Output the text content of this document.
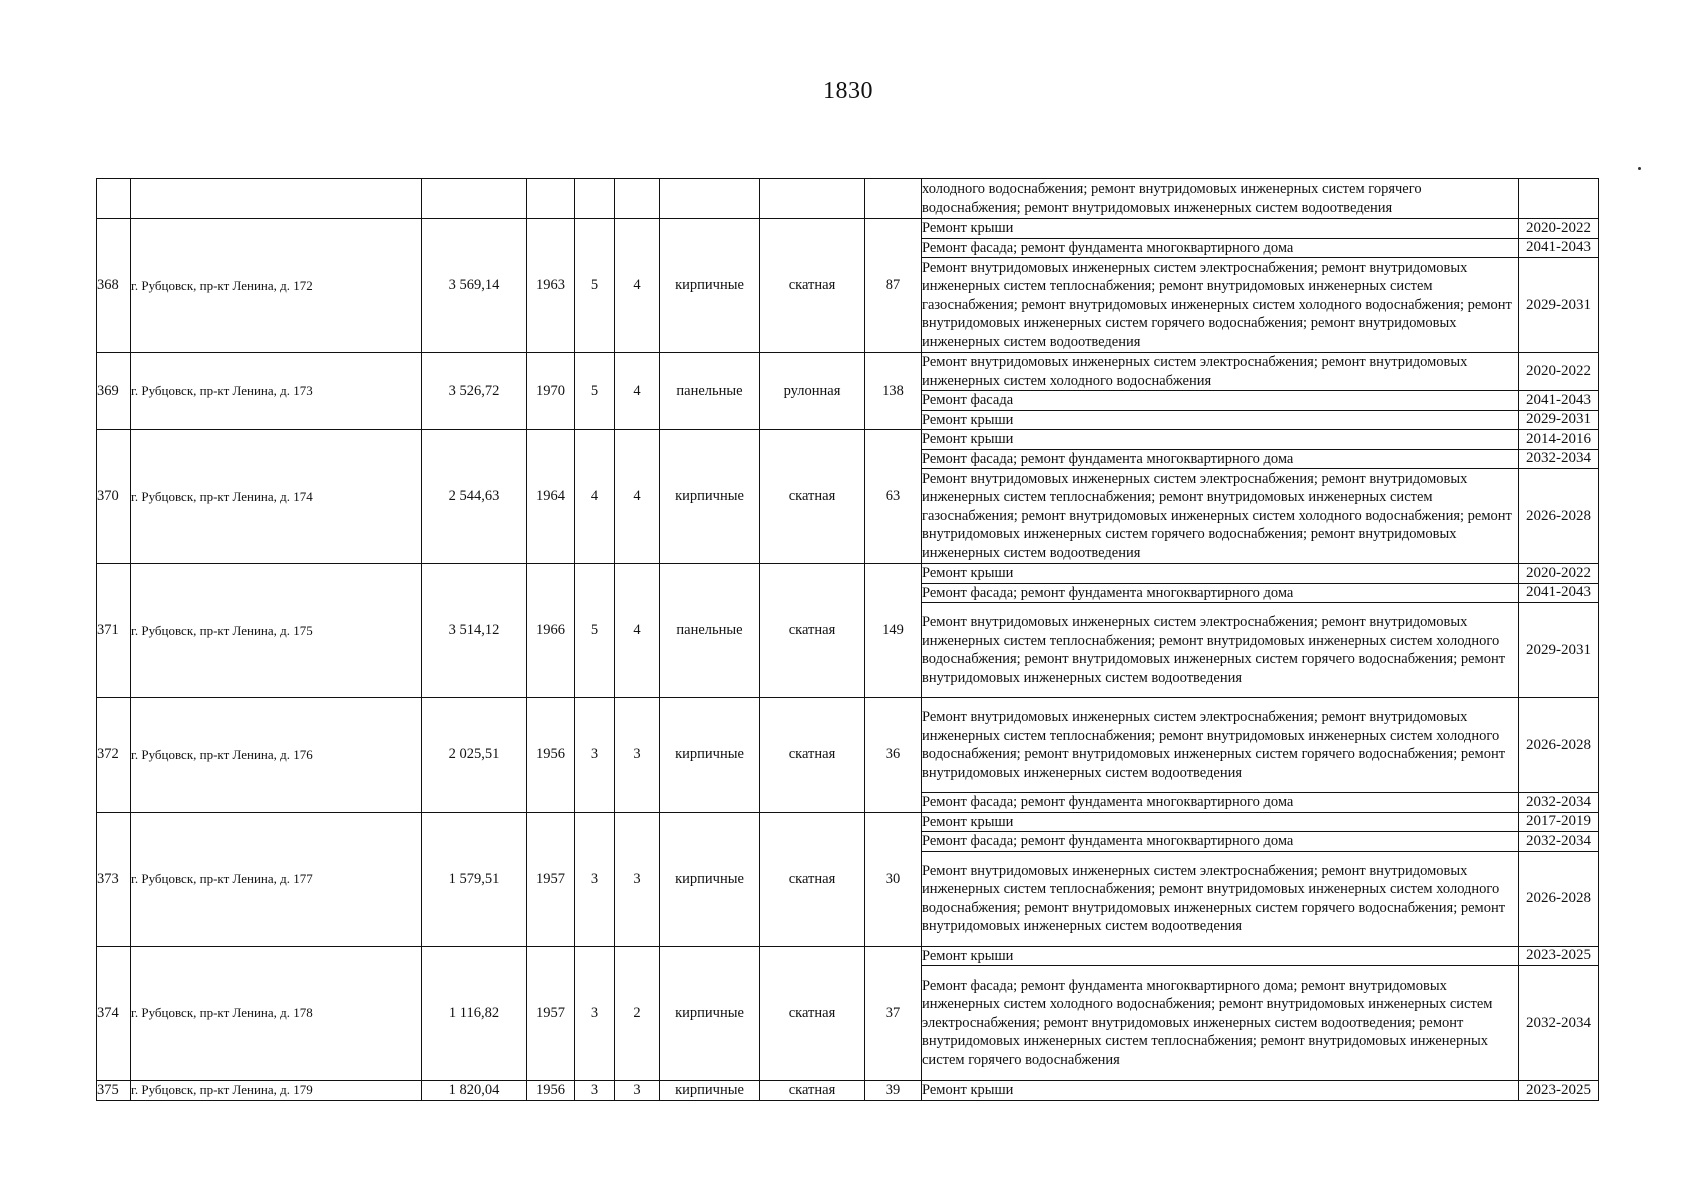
1830
									холодного водоснабжения; ремонт внутридомовых инженерных систем горячего водоснабжения; ремонт внутридомовых инженерных систем водоотведения	
368	г. Рубцовск, пр-кт Ленина, д. 172	3 569,14	1963	5	4	кирпичные	скатная	87	Ремонт крыши	2020-2022
									Ремонт фасада; ремонт фундамента многоквартирного дома	2041-2043
									Ремонт внутридомовых инженерных систем электроснабжения; ремонт внутридомовых инженерных систем теплоснабжения; ремонт внутридомовых инженерных систем газоснабжения; ремонт внутридомовых инженерных систем холодного водоснабжения; ремонт внутридомовых инженерных систем горячего водоснабжения; ремонт внутридомовых инженерных систем водоотведения	2029-2031
369	г. Рубцовск, пр-кт Ленина, д. 173	3 526,72	1970	5	4	панельные	рулонная	138	Ремонт внутридомовых инженерных систем электроснабжения; ремонт внутридомовых инженерных систем холодного водоснабжения	2020-2022
									Ремонт фасада	2041-2043
									Ремонт крыши	2029-2031
370	г. Рубцовск, пр-кт Ленина, д. 174	2 544,63	1964	4	4	кирпичные	скатная	63	Ремонт крыши	2014-2016
									Ремонт фасада; ремонт фундамента многоквартирного дома	2032-2034
									Ремонт внутридомовых инженерных систем электроснабжения; ремонт внутридомовых инженерных систем теплоснабжения; ремонт внутридомовых инженерных систем газоснабжения; ремонт внутридомовых инженерных систем холодного водоснабжения; ремонт внутридомовых инженерных систем горячего водоснабжения; ремонт внутридомовых инженерных систем водоотведения	2026-2028
371	г. Рубцовск, пр-кт Ленина, д. 175	3 514,12	1966	5	4	панельные	скатная	149	Ремонт крыши	2020-2022
									Ремонт фасада; ремонт фундамента многоквартирного дома	2041-2043
									Ремонт внутридомовых инженерных систем электроснабжения; ремонт внутридомовых инженерных систем теплоснабжения; ремонт внутридомовых инженерных систем холодного водоснабжения; ремонт внутридомовых инженерных систем горячего водоснабжения; ремонт внутридомовых инженерных систем водоотведения	2029-2031
372	г. Рубцовск, пр-кт Ленина, д. 176	2 025,51	1956	3	3	кирпичные	скатная	36	Ремонт внутридомовых инженерных систем электроснабжения; ремонт внутридомовых инженерных систем теплоснабжения; ремонт внутридомовых инженерных систем холодного водоснабжения; ремонт внутридомовых инженерных систем горячего водоснабжения; ремонт внутридомовых инженерных систем водоотведения	2026-2028
									Ремонт фасада; ремонт фундамента многоквартирного дома	2032-2034
373	г. Рубцовск, пр-кт Ленина, д. 177	1 579,51	1957	3	3	кирпичные	скатная	30	Ремонт крыши	2017-2019
									Ремонт фасада; ремонт фундамента многоквартирного дома	2032-2034
									Ремонт внутридомовых инженерных систем электроснабжения; ремонт внутридомовых инженерных систем теплоснабжения; ремонт внутридомовых инженерных систем холодного водоснабжения; ремонт внутридомовых инженерных систем горячего водоснабжения; ремонт внутридомовых инженерных систем водоотведения	2026-2028
374	г. Рубцовск, пр-кт Ленина, д. 178	1 116,82	1957	3	2	кирпичные	скатная	37	Ремонт крыши	2023-2025
									Ремонт фасада; ремонт фундамента многоквартирного дома; ремонт внутридомовых инженерных систем холодного водоснабжения; ремонт внутридомовых инженерных систем электроснабжения; ремонт внутридомовых инженерных систем водоотведения; ремонт внутридомовых инженерных систем теплоснабжения; ремонт внутридомовых инженерных систем горячего водоснабжения	2032-2034
375	г. Рубцовск, пр-кт Ленина, д. 179	1 820,04	1956	3	3	кирпичные	скатная	39	Ремонт крыши	2023-2025
